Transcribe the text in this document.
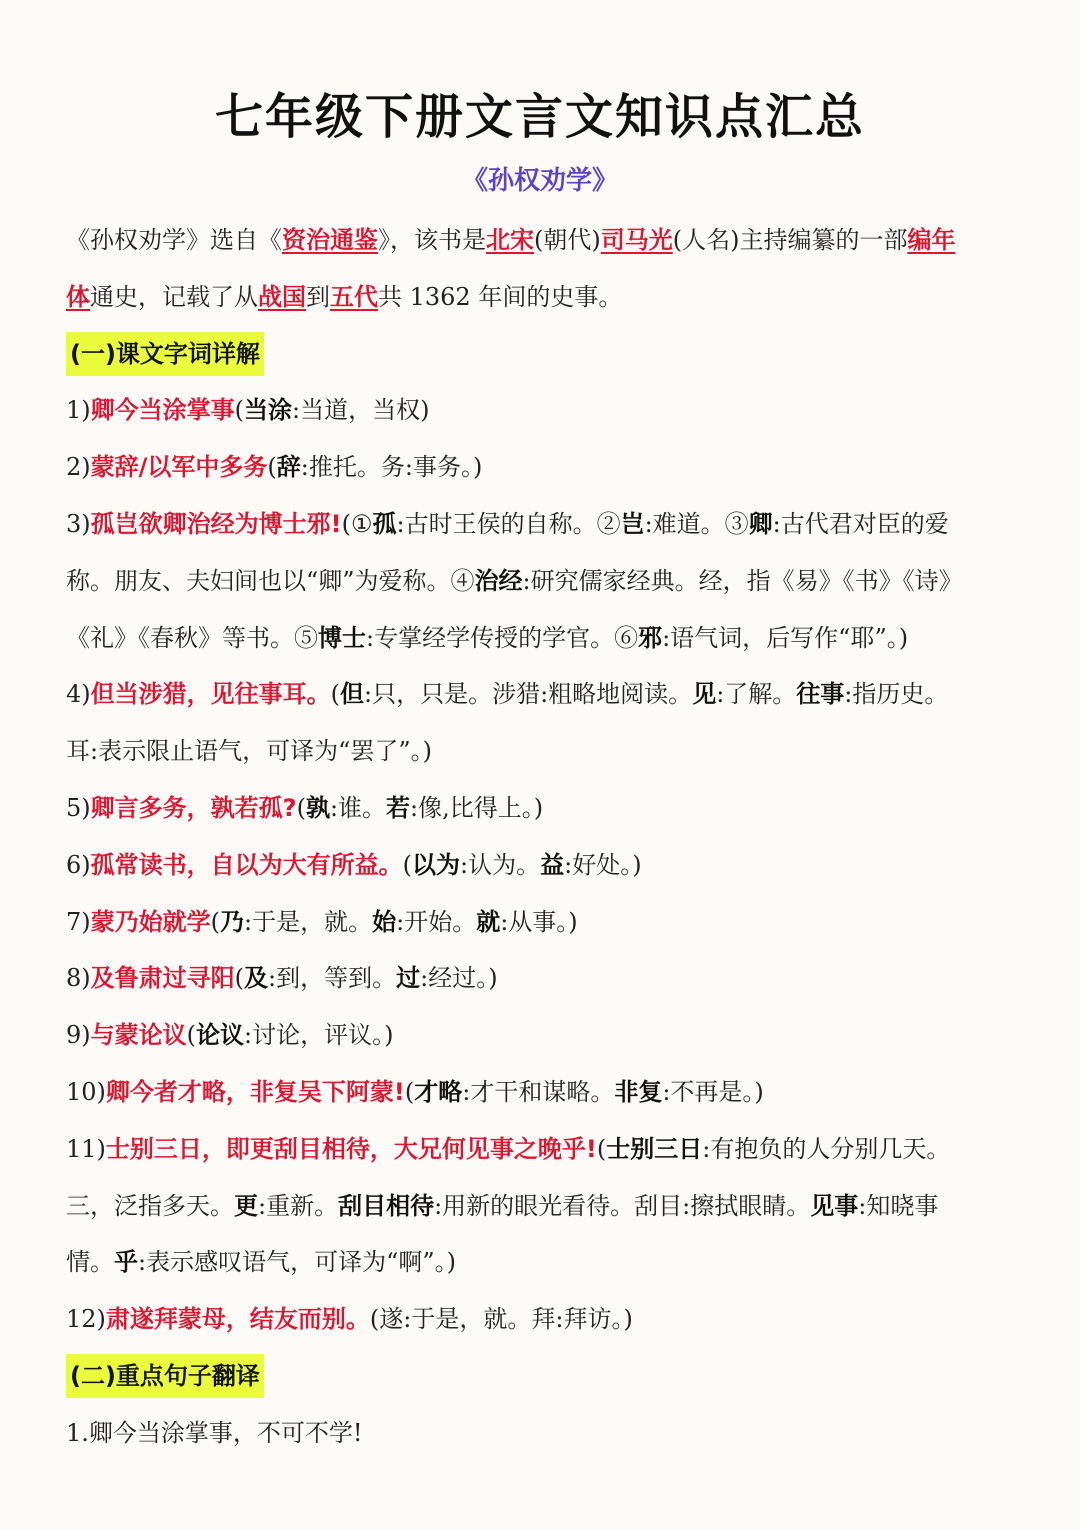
七年级下册文言文知识点汇总
《孙权劝学》
《孙权劝学》选自《资治通鉴》，该书是北宋(朝代)司马光(人名)主持编纂的一部编年
体通史，记载了从战国到五代共 1362 年间的史事。
(一)课文字词详解
1)卿今当涂掌事(当涂:当道，当权)
2)蒙辞/以军中多务(辞:推托。务:事务。)
3)孤岂欲卿治经为博士邪!(①孤:古时王侯的自称。②岂:难道。③卿:古代君对臣的爱
称。朋友、夫妇间也以“卿”为爱称。④治经:研究儒家经典。经，指《易》《书》《诗》
《礼》《春秋》等书。⑤博士:专掌经学传授的学官。⑥邪:语气词，后写作“耶”。)
4)但当涉猎，见往事耳。(但:只，只是。涉猎:粗略地阅读。见:了解。往事:指历史。
耳:表示限止语气，可译为“罢了”。)
5)卿言多务，孰若孤?(孰:谁。若:像,比得上。)
6)孤常读书，自以为大有所益。(以为:认为。益:好处。)
7)蒙乃始就学(乃:于是，就。始:开始。就:从事。)
8)及鲁肃过寻阳(及:到，等到。过:经过。)
9)与蒙论议(论议:讨论，评议。)
10)卿今者才略，非复吴下阿蒙!(才略:才干和谋略。非复:不再是。)
11)士别三日，即更刮目相待，大兄何见事之晚乎!(士别三日:有抱负的人分别几天。
三，泛指多天。更:重新。刮目相待:用新的眼光看待。刮目:擦拭眼睛。见事:知晓事
情。乎:表示感叹语气，可译为“啊”。)
12)肃遂拜蒙母，结友而别。(遂:于是，就。拜:拜访。)
(二)重点句子翻译
1.卿今当涂掌事，不可不学!
